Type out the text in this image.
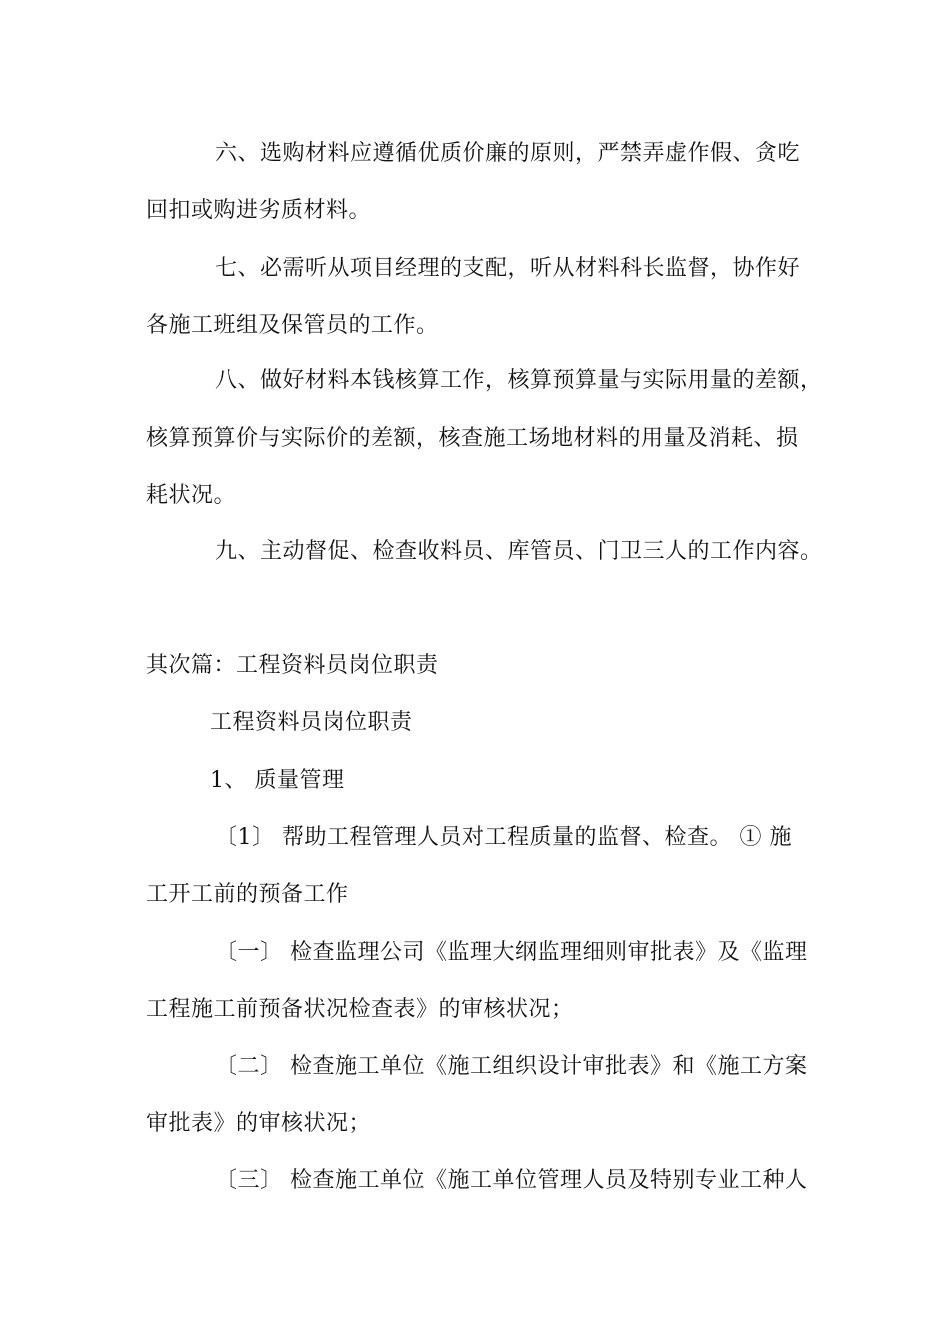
六、选购材料应遵循优质价廉的原则，严禁弄虚作假、贪吃
回扣或购进劣质材料。
七、必需听从项目经理的支配，听从材料科长监督，协作好
各施工班组及保管员的工作。
八、做好材料本钱核算工作，核算预算量与实际用量的差额，
核算预算价与实际价的差额，核查施工场地材料的用量及消耗、损
耗状况。
九、主动督促、检查收料员、库管员、门卫三人的工作内容。
其次篇：工程资料员岗位职责
工程资料员岗位职责
1、 质量管理
〔1〕 帮助工程管理人员对工程质量的监督、检查。 ① 施
工开工前的预备工作
〔一〕 检查监理公司《监理大纲监理细则审批表》及《监理
工程施工前预备状况检查表》的审核状况；
〔二〕 检查施工单位《施工组织设计审批表》和《施工方案
审批表》的审核状况；
〔三〕 检查施工单位《施工单位管理人员及特别专业工种人
